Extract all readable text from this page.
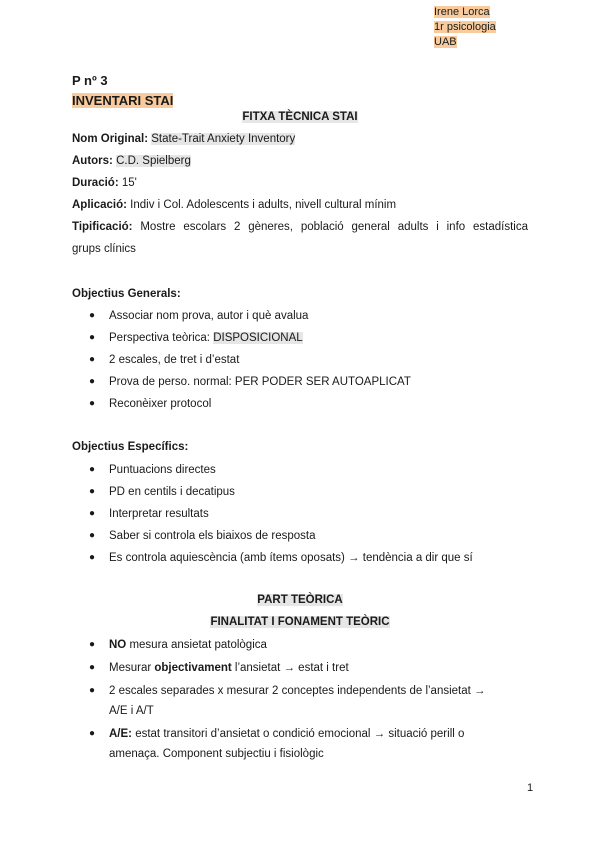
Irene Lorca
1r psicologia
UAB
P nº 3
INVENTARI STAI
FITXA TÈCNICA STAI
Nom Original: State-Trait Anxiety Inventory
Autors: C.D. Spielberg
Duració: 15'
Aplicació: Indiv i Col. Adolescents i adults, nivell cultural mínim
Tipificació: Mostre escolars 2 gèneres, població general adults i info estadística
grups clínics
Objectius Generals:
● Associar nom prova, autor i què avalua
● Perspectiva teòrica: DISPOSICIONAL
● 2 escales, de tret i d’estat
● Prova de perso. normal: PER PODER SER AUTOAPLICAT
● Reconèixer protocol
Objectius Específics:
● Puntuacions directes
● PD en centils i decatipus
● Interpretar resultats
● Saber si controla els biaixos de resposta
● Es controla aquiescència (amb ítems oposats) → tendència a dir que sí
PART TEÒRICA
FINALITAT I FONAMENT TEÒRIC
● NO mesura ansietat patològica
● Mesurar objectivament l’ansietat → estat i tret
● 2 escales separades x mesurar 2 conceptes independents de l’ansietat →
A/E i A/T
● A/E: estat transitori d’ansietat o condició emocional → situació perill o
amenaça. Component subjectiu i fisiològic
1
